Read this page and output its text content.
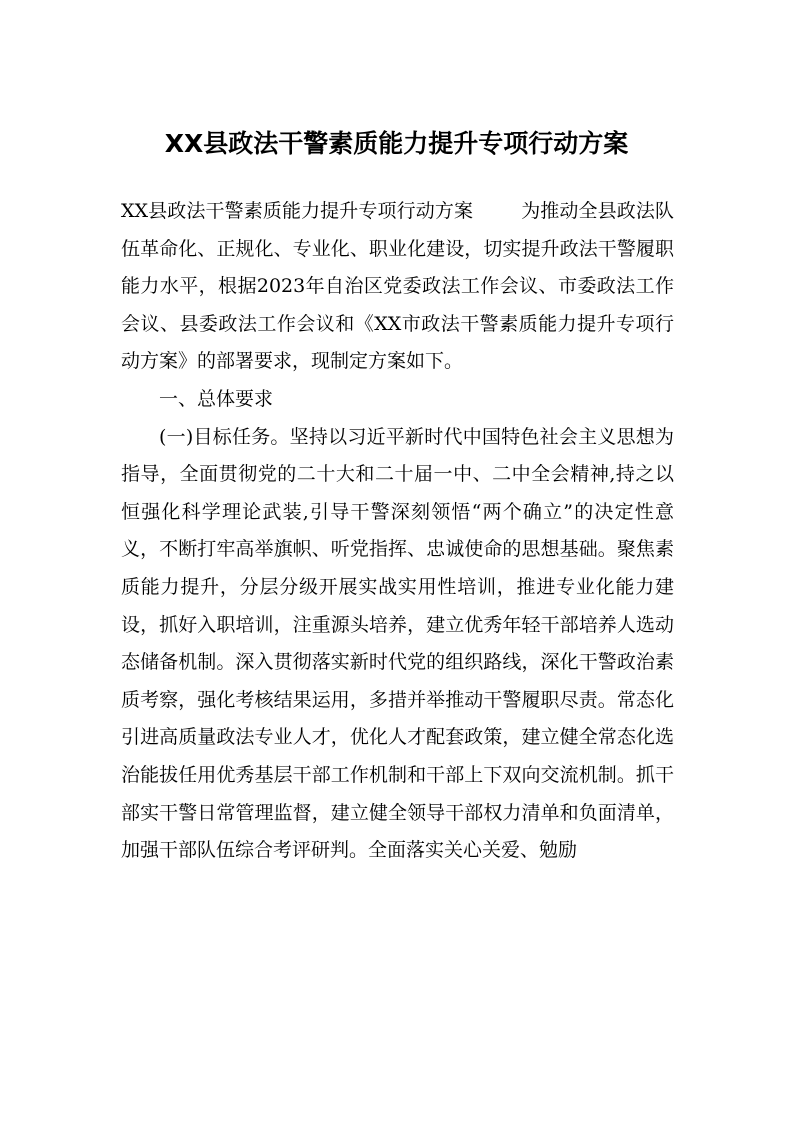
XX县政法干警素质能力提升专项行动方案

XX县政法干警素质能力提升专项行动方案	为推动全县政法队伍革命化、正规化、专业化、职业化建设，切实提升政法干警履职能力水平，根据2023年自治区党委政法工作会议、市委政法工作会议、县委政法工作会议和《XX市政法干警素质能力提升专项行动方案》的部署要求，现制定方案如下。

一、总体要求

(一)目标任务。坚持以习近平新时代中国特色社会主义思想为指导，全面贯彻党的二十大和二十届一中、二中全会精神,持之以恒强化科学理论武装,引导干警深刻领悟“两个确立”的决定性意义，不断打牢高举旗帜、听党指挥、忠诚使命的思想基础。聚焦素质能力提升，分层分级开展实战实用性培训，推进专业化能力建设，抓好入职培训，注重源头培养，建立优秀年轻干部培养人选动态储备机制。深入贯彻落实新时代党的组织路线，深化干警政治素质考察，强化考核结果运用，多措并举推动干警履职尽责。常态化引进高质量政法专业人才，优化人才配套政策，建立健全常态化选治能拔任用优秀基层干部工作机制和干部上下双向交流机制。抓干部实干警日常管理监督，建立健全领导干部权力清单和负面清单，加强干部队伍综合考评研判。全面落实关心关爱、勉励
